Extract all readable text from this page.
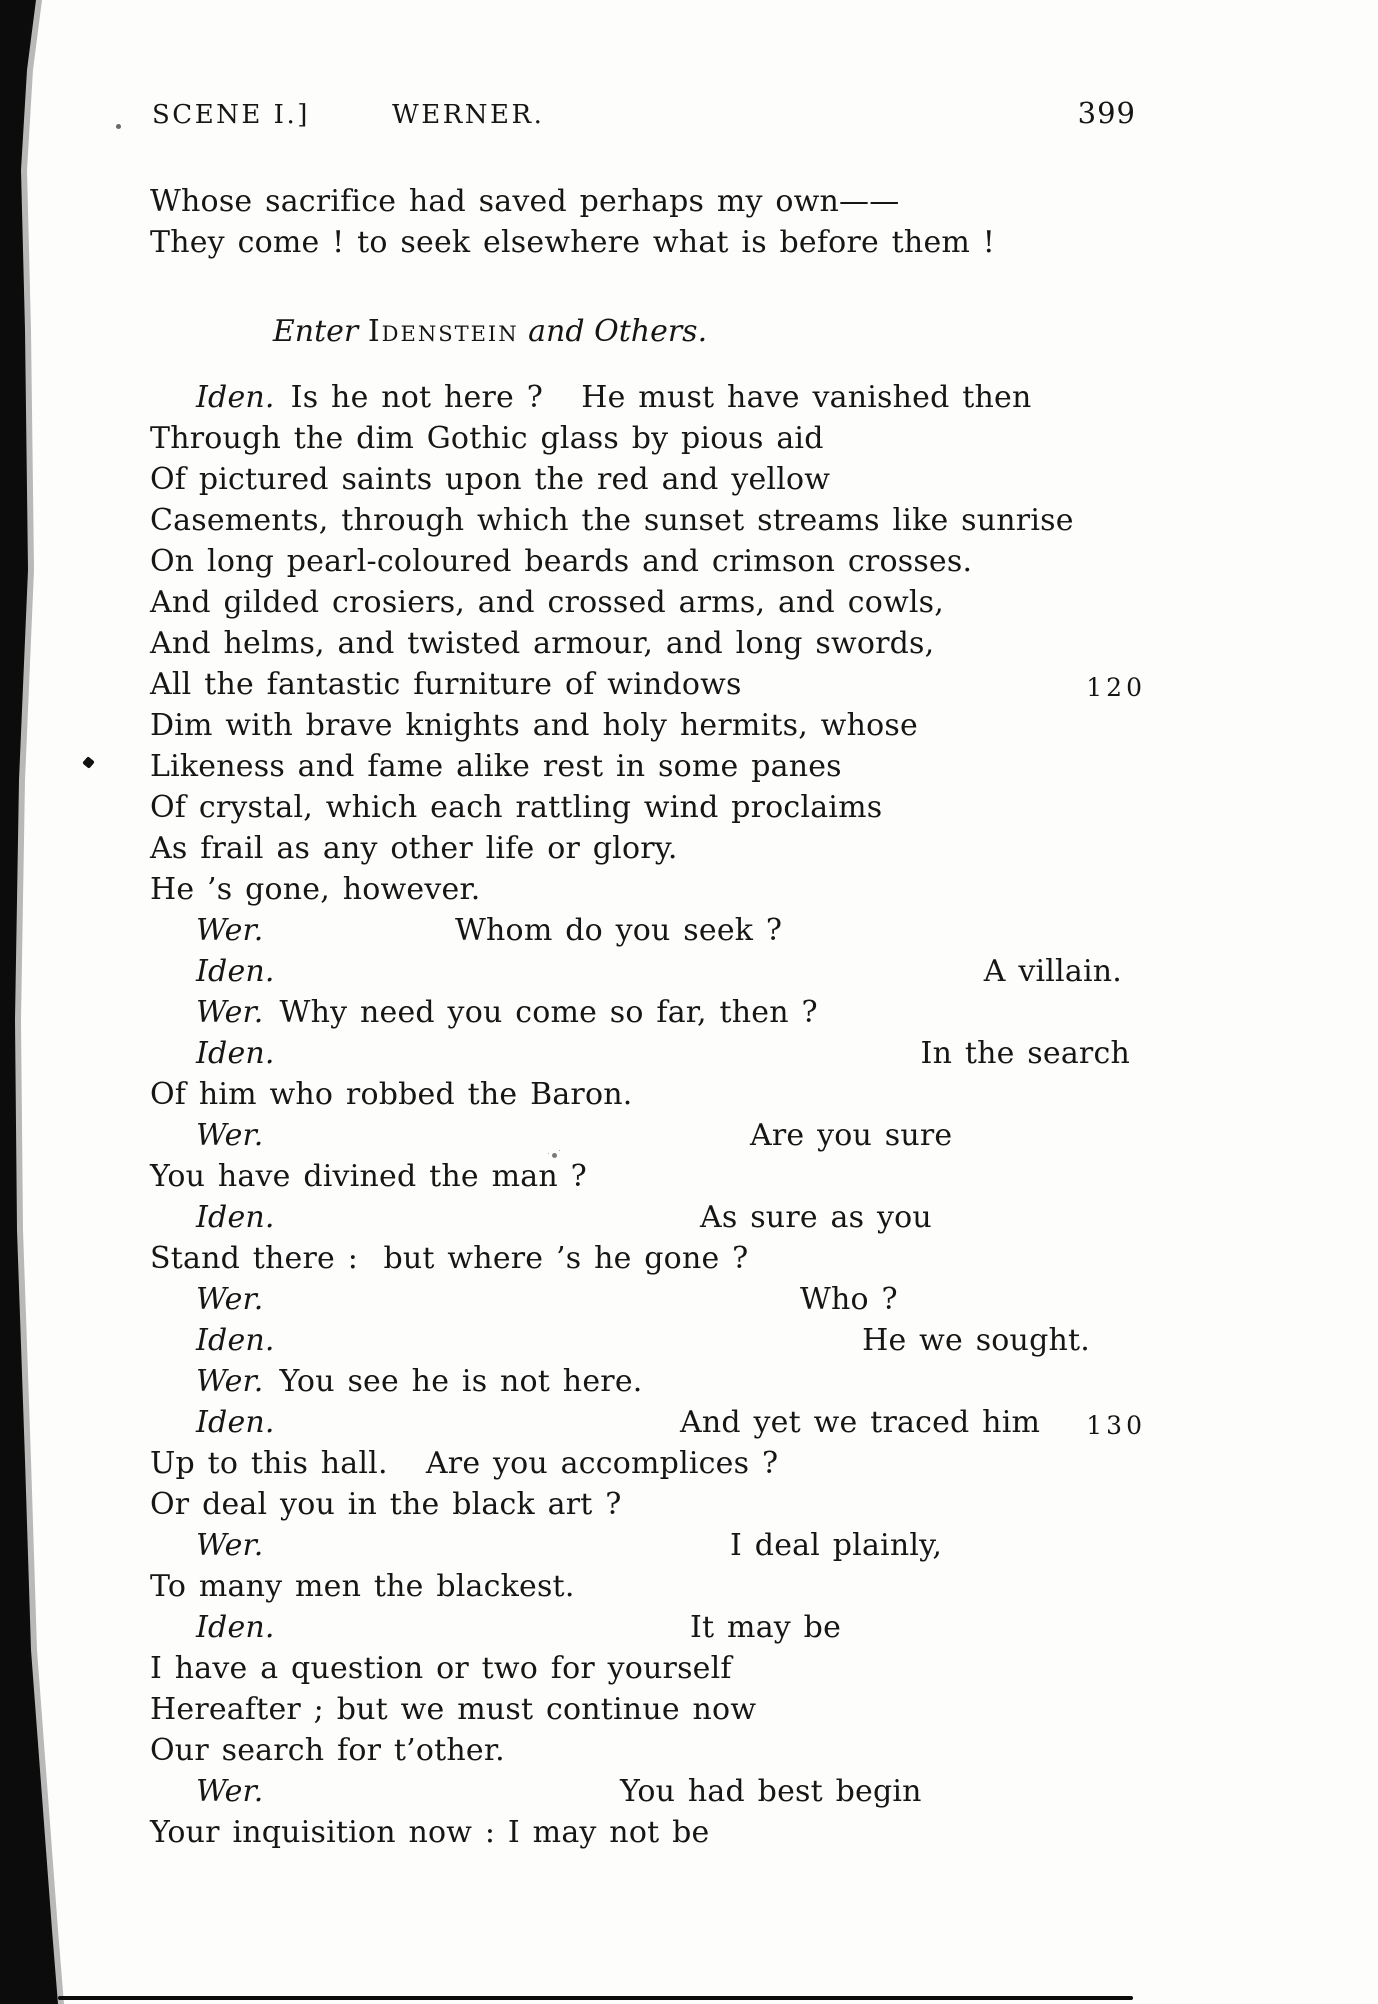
SCENE I.]

	WERNER.

	399

Whose sacrifice had saved perhaps my own——
They come ! to seek elsewhere what is before them !
Enter Idenstein and Others.
Iden. Is he not here ?   He must have vanished then
Through the dim Gothic glass by pious aid
Of pictured saints upon the red and yellow
Casements, through which the sunset streams like sunrise
On long pearl-coloured beards and crimson crosses.
And gilded crosiers, and crossed arms, and cowls,
And helms, and twisted armour, and long swords,
All the fantastic furniture of windows	120
Dim with brave knights and holy hermits, whose
Likeness and fame alike rest in some panes
Of crystal, which each rattling wind proclaims
As frail as any other life or glory.
He ’s gone, however.
Wer.	Whom do you seek ?
Iden.	A villain.
Wer. Why need you come so far, then ?
Iden.	In the search
Of him who robbed the Baron.
Wer.	Are you sure
You have divined the man ?
Iden.	As sure as you
Stand there :  but where ’s he gone ?
Wer.	Who ?
Iden.	He we sought.
Wer. You see he is not here.
Iden.	And yet we traced him 130
Up to this hall.   Are you accomplices ?
Or deal you in the black art ?
Wer.	I deal plainly,
To many men the blackest.
Iden.	It may be
I have a question or two for yourself
Hereafter ; but we must continue now
Our search for t’other.
Wer.	You had best begin
Your inquisition now : I may not be
